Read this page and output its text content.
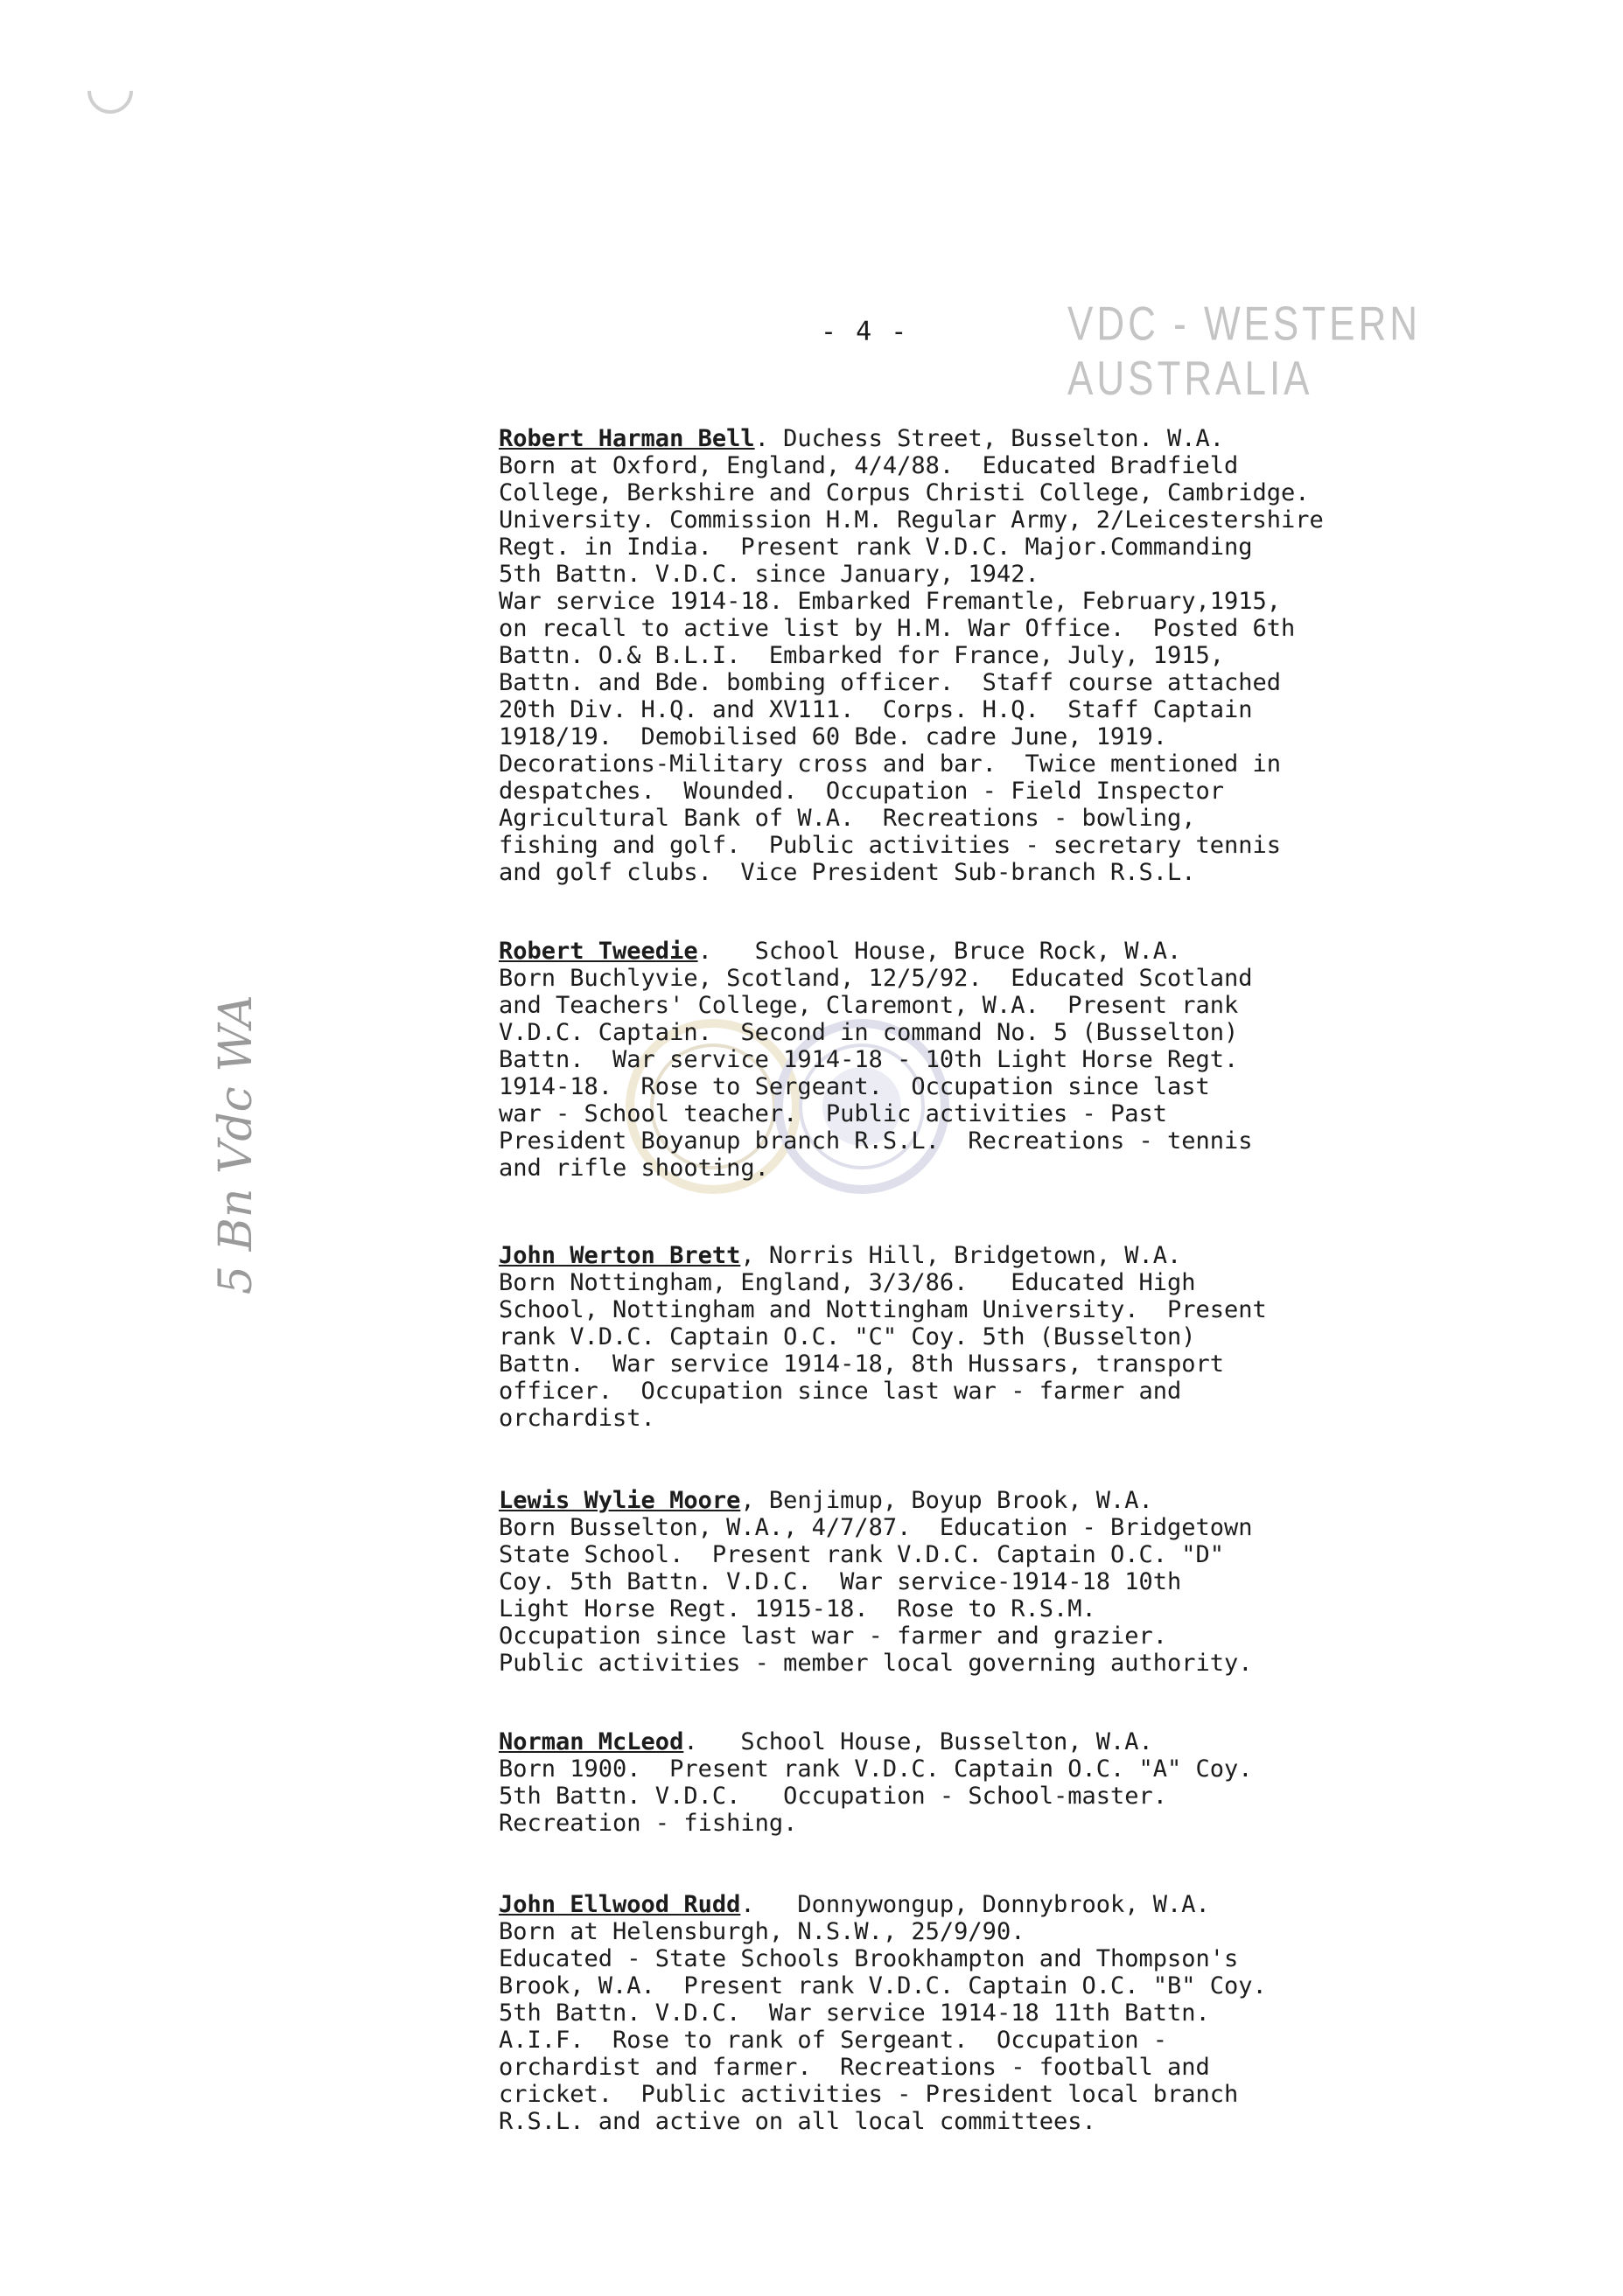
- 4 -	VDC - WESTERN AUSTRALIA
5 Bn Vdc WA
Robert Harman Bell. Duchess Street, Busselton. W.A.
Born at Oxford, England, 4/4/88.  Educated Bradfield
College, Berkshire and Corpus Christi College, Cambridge.
University. Commission H.M. Regular Army, 2/Leicestershire
Regt. in India.  Present rank V.D.C. Major.Commanding
5th Battn. V.D.C. since January, 1942.
War service 1914-18. Embarked Fremantle, February,1915,
on recall to active list by H.M. War Office.  Posted 6th
Battn. O.& B.L.I.  Embarked for France, July, 1915,
Battn. and Bde. bombing officer.  Staff course attached
20th Div. H.Q. and XV111.  Corps. H.Q.  Staff Captain
1918/19.  Demobilised 60 Bde. cadre June, 1919.
Decorations-Military cross and bar.  Twice mentioned in
despatches.  Wounded.  Occupation - Field Inspector
Agricultural Bank of W.A.  Recreations - bowling,
fishing and golf.  Public activities - secretary tennis
and golf clubs.  Vice President Sub-branch R.S.L.
Robert Tweedie.   School House, Bruce Rock, W.A.
Born Buchlyvie, Scotland, 12/5/92.  Educated Scotland
and Teachers' College, Claremont, W.A.  Present rank
V.D.C. Captain.  Second in command No. 5 (Busselton)
Battn.  War service 1914-18 - 10th Light Horse Regt.
1914-18.  Rose to Sergeant.  Occupation since last
war - School teacher.  Public activities - Past
President Boyanup branch R.S.L.  Recreations - tennis
and rifle shooting.
John Werton Brett, Norris Hill, Bridgetown, W.A.
Born Nottingham, England, 3/3/86.   Educated High
School, Nottingham and Nottingham University.  Present
rank V.D.C. Captain O.C. "C" Coy. 5th (Busselton)
Battn.  War service 1914-18, 8th Hussars, transport
officer.  Occupation since last war - farmer and
orchardist.
Lewis Wylie Moore, Benjimup, Boyup Brook, W.A.
Born Busselton, W.A., 4/7/87.  Education - Bridgetown
State School.  Present rank V.D.C. Captain O.C. "D"
Coy. 5th Battn. V.D.C.  War service-1914-18 10th
Light Horse Regt. 1915-18.  Rose to R.S.M.
Occupation since last war - farmer and grazier.
Public activities - member local governing authority.
Norman McLeod.   School House, Busselton, W.A.
Born 1900.  Present rank V.D.C. Captain O.C. "A" Coy.
5th Battn. V.D.C.   Occupation - School-master.
Recreation - fishing.
John Ellwood Rudd.   Donnywongup, Donnybrook, W.A.
Born at Helensburgh, N.S.W., 25/9/90.
Educated - State Schools Brookhampton and Thompson's
Brook, W.A.  Present rank V.D.C. Captain O.C. "B" Coy.
5th Battn. V.D.C.  War service 1914-18 11th Battn.
A.I.F.  Rose to rank of Sergeant.  Occupation -
orchardist and farmer.  Recreations - football and
cricket.  Public activities - President local branch
R.S.L. and active on all local committees.
